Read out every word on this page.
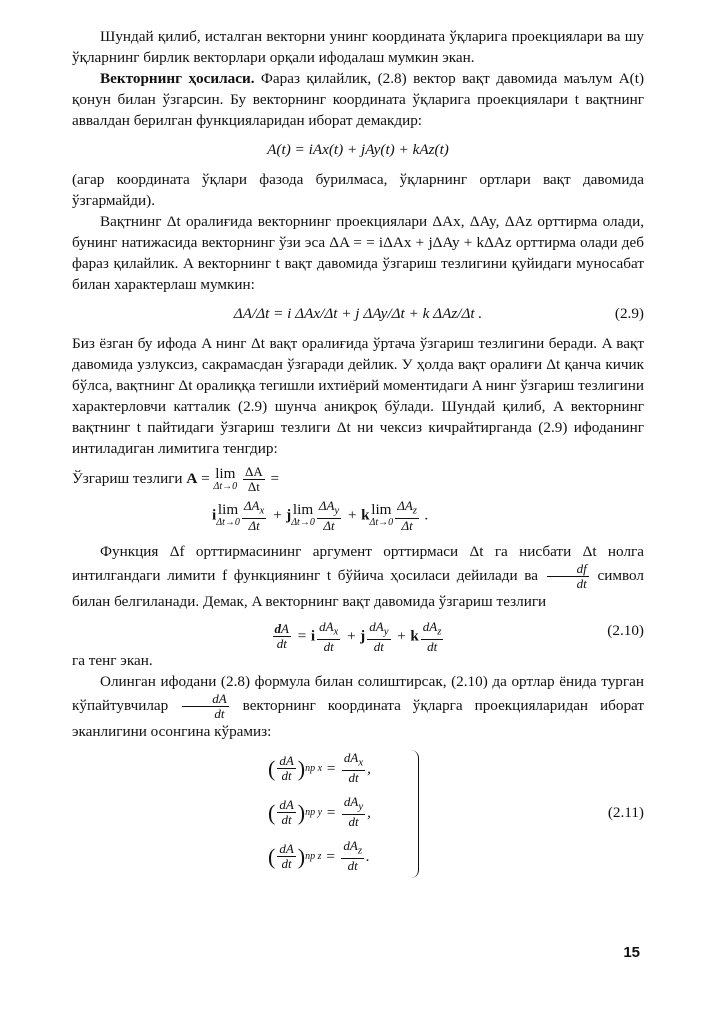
Шундай қилиб, исталган векторни унинг координата ўқларига проекциялари ва шу ўқларнинг бирлик векторлари орқали ифодалаш мумкин экан.

Векторнинг ҳосиласи. Фараз қилайлик, (2.8) вектор вақт давомида маълум A(t) қонун билан ўзгарсин. Бу векторнинг координата ўқларига проекциялари t вақтнинг аввалдан берилган функцияларидан иборат демакдир:

A(t) = iAx(t) + jAy(t) + kAz(t)

(агар координата ўқлари фазода бурилмаса, ўқларнинг ортлари вақт давомида ўзгармайди).

Вақтнинг Δt оралиғида векторнинг проекциялари ΔAx, ΔAy, ΔAz орттирма олади, бунинг натижасида векторнинг ўзи эса ΔA = = iΔAx + jΔAy + kΔAz орттирма олади деб фараз қилайлик. A векторнинг t вақт давомида ўзгариш тезлигини қуйидаги муносабат билан характерлаш мумкин:

ΔA/Δt = i ΔAx/Δt + j ΔAy/Δt + k ΔAz/Δt .	(2.9)

Биз ёзган бу ифода A нинг Δt вақт оралиғида ўртача ўзгариш тезлигини беради. A вақт давомида узлуксиз, сакрамасдан ўзгаради дейлик. У ҳолда вақт оралиғи Δt қанча кичик бўлса, вақтнинг Δt оралиққа тегишли ихтиёрий моментидаги A нинг ўзгариш тезлигини характерловчи катталик (2.9) шунча аниқроқ бўлади. Шундай қилиб, A векторнинг вақтнинг t пайтидаги ўзгариш тезлиги Δt ни чексиз кичрайтирганда (2.9) ифоданинг интиладиган лимитига тенгдир:

Ўзгариш тезлиги A = lim
Δt→0
$\frac{\Delta A}{\Delta t}$ =
i lim
$\Delta t\to 0 \frac{\Delta A_x}{\Delta t} + j$ lim
$\Delta t\to 0 \frac{\Delta A_y}{\Delta t} + k$ lim
$\Delta t\to 0 \frac{\Delta A_z}{\Delta t}$ .

Функция Δf орттирмасининг аргумент орттирмаси Δt га нисбати Δt нолга интилгандаги лимити f функциянинг t бўйича ҳосиласи дейилади ва $\frac{df}{dt}$ символ билан белгиланади. Демак, A векторнинг вақт давомида ўзгариш тезлиги

$\frac{dA}{dt} = i \frac{dA_x}{dt} + j \frac{dA_y}{dt} + k \frac{dA_z}{dt}$	(2.10)

га тенг экан.

Олинган ифодани (2.8) формула билан солиштирсак, (2.10) да ортлар ёнида турган кўпайтувчилар $\frac{dA}{dt}$ векторнинг координата ўқларга проекцияларидан иборат эканлигини осонгина кўрамиз:

( $\frac{dA}{dt}$ ) пр $x = \frac{dA_x}{dt}$ ,
( $\frac{dA}{dt}$ ) пр $y = \frac{dA_y}{dt}$ ,
( $\frac{dA}{dt}$ ) пр $z = \frac{dA_z}{dt}$ .
(2.11)
15
